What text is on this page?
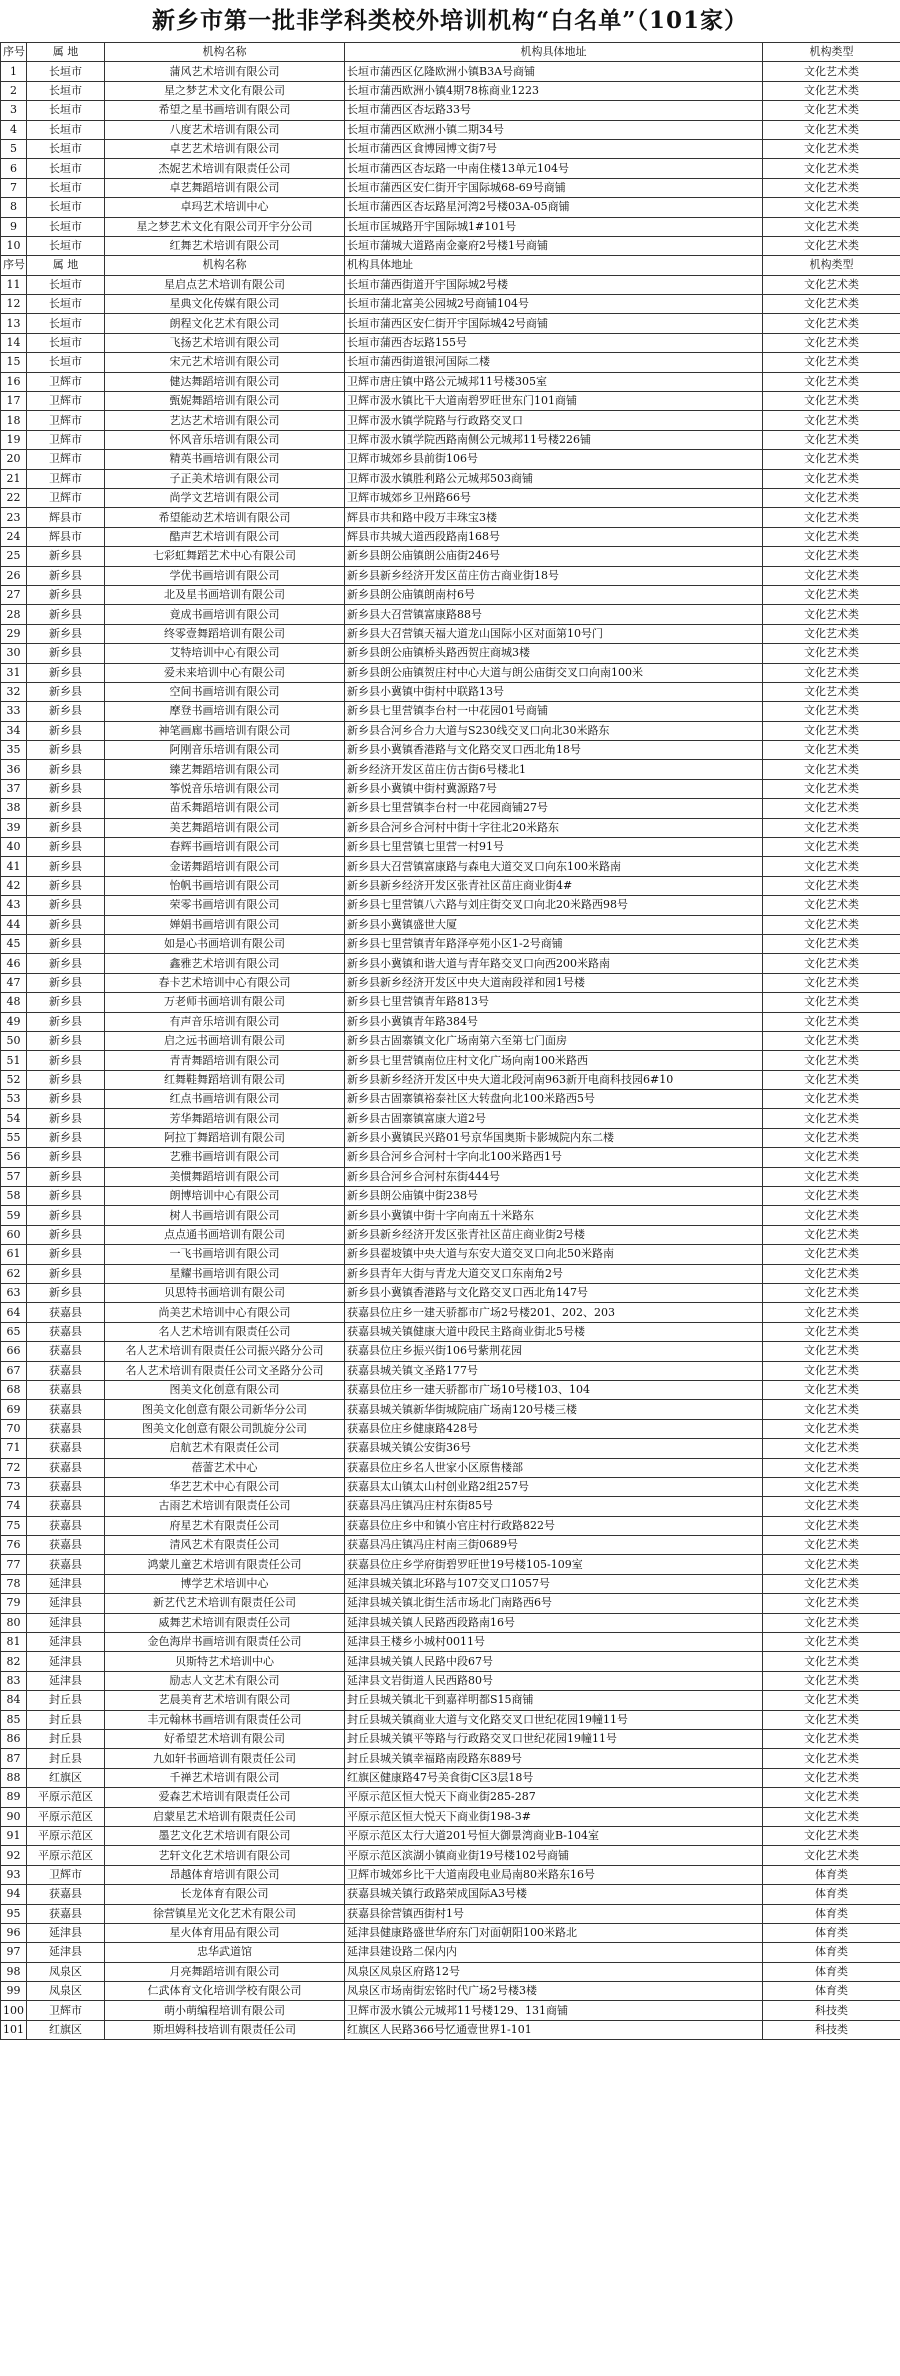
新乡市第一批非学科类校外培训机构“白名单”（101家）
序号	属 地	机构名称	机构具体地址	机构类型
1	长垣市	蒲风艺术培训有限公司	长垣市蒲西区亿隆欧洲小镇B3A号商铺	文化艺术类
2	长垣市	星之梦艺术文化有限公司	长垣市蒲西欧洲小镇4期78栋商业1223	文化艺术类
3	长垣市	希望之星书画培训有限公司	长垣市蒲西区杏坛路33号	文化艺术类
4	长垣市	八度艺术培训有限公司	长垣市蒲西区欧洲小镇二期34号	文化艺术类
5	长垣市	卓艺艺术培训有限公司	长垣市蒲西区食博园博文街7号	文化艺术类
6	长垣市	杰妮艺术培训有限责任公司	长垣市蒲西区杏坛路一中南住楼13单元104号	文化艺术类
7	长垣市	卓艺舞蹈培训有限公司	长垣市蒲西区安仁街开宇国际城68-69号商铺	文化艺术类
8	长垣市	卓玛艺术培训中心	长垣市蒲西区杏坛路星河湾2号楼03A-05商铺	文化艺术类
9	长垣市	星之梦艺术文化有限公司开宇分公司	长垣市匡城路开宇国际城1#101号	文化艺术类
10	长垣市	红舞艺术培训有限公司	长垣市蒲城大道路南金豪府2号楼1号商铺	文化艺术类
序号	属 地	机构名称	机构具体地址	机构类型
11	长垣市	星启点艺术培训有限公司	长垣市蒲西街道开宇国际城2号楼	文化艺术类
12	长垣市	星典文化传媒有限公司	长垣市蒲北富美公园城2号商铺104号	文化艺术类
13	长垣市	朗程文化艺术有限公司	长垣市蒲西区安仁街开宇国际城42号商铺	文化艺术类
14	长垣市	飞扬艺术培训有限公司	长垣市蒲西杏坛路155号	文化艺术类
15	长垣市	宋元艺术培训有限公司	长垣市蒲西街道银河国际二楼	文化艺术类
16	卫辉市	健达舞蹈培训有限公司	卫辉市唐庄镇中路公元城邦11号楼305室	文化艺术类
17	卫辉市	甄妮舞蹈培训有限公司	卫辉市汲水镇比干大道南碧罗旺世东门101商铺	文化艺术类
18	卫辉市	艺达艺术培训有限公司	卫辉市汲水镇学院路与行政路交叉口	文化艺术类
19	卫辉市	怀风音乐培训有限公司	卫辉市汲水镇学院西路南侧公元城邦11号楼226铺	文化艺术类
20	卫辉市	精英书画培训有限公司	卫辉市城郊乡县前街106号	文化艺术类
21	卫辉市	子正美术培训有限公司	卫辉市汲水镇胜利路公元城邦503商铺	文化艺术类
22	卫辉市	尚学文艺培训有限公司	卫辉市城郊乡卫州路66号	文化艺术类
23	辉县市	希望能动艺术培训有限公司	辉县市共和路中段万丰珠宝3楼	文化艺术类
24	辉县市	酷声艺术培训有限公司	辉县市共城大道西段路南168号	文化艺术类
25	新乡县	七彩虹舞蹈艺术中心有限公司	新乡县朗公庙镇朗公庙街246号	文化艺术类
26	新乡县	学优书画培训有限公司	新乡县新乡经济开发区苗庄仿古商业街18号	文化艺术类
27	新乡县	北及星书画培训有限公司	新乡县朗公庙镇朗南村6号	文化艺术类
28	新乡县	竟成书画培训有限公司	新乡县大召营镇富康路88号	文化艺术类
29	新乡县	终零壹舞蹈培训有限公司	新乡县大召营镇天福大道龙山国际小区对面第10号门	文化艺术类
30	新乡县	艾特培训中心有限公司	新乡县朗公庙镇桥头路西贺庄商城3楼	文化艺术类
31	新乡县	爱未来培训中心有限公司	新乡县朗公庙镇贺庄村中心大道与朗公庙街交叉口向南100米	文化艺术类
32	新乡县	空间书画培训有限公司	新乡县小冀镇中街村中联路13号	文化艺术类
33	新乡县	摩登书画培训有限公司	新乡县七里营镇李台村一中花园01号商铺	文化艺术类
34	新乡县	神笔画廊书画培训有限公司	新乡县合河乡合力大道与S230线交叉口向北30米路东	文化艺术类
35	新乡县	阿刚音乐培训有限公司	新乡县小冀镇香港路与文化路交叉口西北角18号	文化艺术类
36	新乡县	臻艺舞蹈培训有限公司	新乡经济开发区苗庄仿古街6号楼北1	文化艺术类
37	新乡县	筝悦音乐培训有限公司	新乡县小冀镇中街村冀源路7号	文化艺术类
38	新乡县	苗禾舞蹈培训有限公司	新乡县七里营镇李台村一中花园商铺27号	文化艺术类
39	新乡县	美艺舞蹈培训有限公司	新乡县合河乡合河村中街十字往北20米路东	文化艺术类
40	新乡县	春辉书画培训有限公司	新乡县七里营镇七里营一村91号	文化艺术类
41	新乡县	金诺舞蹈培训有限公司	新乡县大召营镇富康路与森电大道交叉口向东100米路南	文化艺术类
42	新乡县	怡帆书画培训有限公司	新乡县新乡经济开发区张青社区苗庄商业街4#	文化艺术类
43	新乡县	荣零书画培训有限公司	新乡县七里营镇八六路与刘庄街交叉口向北20米路西98号	文化艺术类
44	新乡县	婵娟书画培训有限公司	新乡县小冀镇盛世大厦	文化艺术类
45	新乡县	如是心书画培训有限公司	新乡县七里营镇青年路泽亭苑小区1-2号商铺	文化艺术类
46	新乡县	鑫雅艺术培训有限公司	新乡县小冀镇和谐大道与青年路交叉口向西200米路南	文化艺术类
47	新乡县	春卡艺术培训中心有限公司	新乡县新乡经济开发区中央大道南段祥和园1号楼	文化艺术类
48	新乡县	万老师书画培训有限公司	新乡县七里营镇青年路813号	文化艺术类
49	新乡县	有声音乐培训有限公司	新乡县小冀镇青年路384号	文化艺术类
50	新乡县	启之远书画培训有限公司	新乡县古固寨镇文化广场南第六至第七门面房	文化艺术类
51	新乡县	青青舞蹈培训有限公司	新乡县七里营镇南位庄村文化广场向南100米路西	文化艺术类
52	新乡县	红舞鞋舞蹈培训有限公司	新乡县新乡经济开发区中央大道北段河南963新开电商科技园6#10	文化艺术类
53	新乡县	红点书画培训有限公司	新乡县古固寨镇裕泰社区大转盘向北100米路西5号	文化艺术类
54	新乡县	芳华舞蹈培训有限公司	新乡县古固寨镇富康大道2号	文化艺术类
55	新乡县	阿拉丁舞蹈培训有限公司	新乡县小冀镇民兴路01号京华国奥斯卡影城院内东二楼	文化艺术类
56	新乡县	艺雅书画培训有限公司	新乡县合河乡合河村十字向北100米路西1号	文化艺术类
57	新乡县	美惯舞蹈培训有限公司	新乡县合河乡合河村东街444号	文化艺术类
58	新乡县	朗博培训中心有限公司	新乡县朗公庙镇中街238号	文化艺术类
59	新乡县	树人书画培训有限公司	新乡县小冀镇中街十字向南五十米路东	文化艺术类
60	新乡县	点点通书画培训有限公司	新乡县新乡经济开发区张青社区苗庄商业街2号楼	文化艺术类
61	新乡县	一飞书画培训有限公司	新乡县翟坡镇中央大道与东安大道交叉口向北50米路南	文化艺术类
62	新乡县	星耀书画培训有限公司	新乡县青年大街与青龙大道交叉口东南角2号	文化艺术类
63	新乡县	贝思特书画培训有限公司	新乡县小冀镇香港路与文化路交叉口西北角147号	文化艺术类
64	获嘉县	尚美艺术培训中心有限公司	获嘉县位庄乡一建天骄都市广场2号楼201、202、203	文化艺术类
65	获嘉县	名人艺术培训有限责任公司	获嘉县城关镇健康大道中段民主路商业街北5号楼	文化艺术类
66	获嘉县	名人艺术培训有限责任公司振兴路分公司	获嘉县位庄乡振兴街106号紫荆花园	文化艺术类
67	获嘉县	名人艺术培训有限责任公司文圣路分公司	获嘉县城关镇文圣路177号	文化艺术类
68	获嘉县	图美文化创意有限公司	获嘉县位庄乡一建天骄都市广场10号楼103、104	文化艺术类
69	获嘉县	图美文化创意有限公司新华分公司	获嘉县城关镇新华街城院庙广场南120号楼三楼	文化艺术类
70	获嘉县	图美文化创意有限公司凯旋分公司	获嘉县位庄乡健康路428号	文化艺术类
71	获嘉县	启航艺术有限责任公司	获嘉县城关镇公安街36号	文化艺术类
72	获嘉县	蓓蕾艺术中心	获嘉县位庄乡名人世家小区原售楼部	文化艺术类
73	获嘉县	华艺艺术中心有限公司	获嘉县太山镇太山村创业路2组257号	文化艺术类
74	获嘉县	古雨艺术培训有限责任公司	获嘉县冯庄镇冯庄村东街85号	文化艺术类
75	获嘉县	府星艺术有限责任公司	获嘉县位庄乡中和镇小官庄村行政路822号	文化艺术类
76	获嘉县	清风艺术有限责任公司	获嘉县冯庄镇冯庄村南三街0689号	文化艺术类
77	获嘉县	鸿蒙儿童艺术培训有限责任公司	获嘉县位庄乡学府街碧罗旺世19号楼105-109室	文化艺术类
78	延津县	博学艺术培训中心	延津县城关镇北环路与107交叉口1057号	文化艺术类
79	延津县	新艺代艺术培训有限责任公司	延津县城关镇北街生活市场北门南路西6号	文化艺术类
80	延津县	威舞艺术培训有限责任公司	延津县城关镇人民路西段路南16号	文化艺术类
81	延津县	金色海岸书画培训有限责任公司	延津县王楼乡小城村0011号	文化艺术类
82	延津县	贝斯特艺术培训中心	延津县城关镇人民路中段67号	文化艺术类
83	延津县	励志人文艺术有限公司	延津县文岩街道人民西路80号	文化艺术类
84	封丘县	艺晨美育艺术培训有限公司	封丘县城关镇北干到嘉祥明都S15商铺	文化艺术类
85	封丘县	丰元翰林书画培训有限责任公司	封丘县城关镇商业大道与文化路交叉口世纪花园19幢11号	文化艺术类
86	封丘县	好希望艺术培训有限公司	封丘县城关镇平等路与行政路交叉口世纪花园19幢11号	文化艺术类
87	封丘县	九如轩书画培训有限责任公司	封丘县城关镇幸福路南段路东889号	文化艺术类
88	红旗区	千禅艺术培训有限公司	红旗区健康路47号美食街C区3层18号	文化艺术类
89	平原示范区	爱森艺术培训有限责任公司	平原示范区恒大悦天下商业街285-287	文化艺术类
90	平原示范区	启蒙星艺术培训有限责任公司	平原示范区恒大悦天下商业街198-3#	文化艺术类
91	平原示范区	墨艺文化艺术培训有限公司	平原示范区太行大道201号恒大御景湾商业B-104室	文化艺术类
92	平原示范区	艺轩文化艺术培训有限公司	平原示范区滨湖小镇商业街19号楼102号商铺	文化艺术类
93	卫辉市	昂越体育培训有限公司	卫辉市城郊乡比干大道南段电业局南80米路东16号	体育类
94	获嘉县	长龙体育有限公司	获嘉县城关镇行政路荣成国际A3号楼	体育类
95	获嘉县	徐营镇星光文化艺术有限公司	获嘉县徐营镇西街村1号	体育类
96	延津县	星火体育用品有限公司	延津县健康路盛世华府东门对面朝阳100米路北	体育类
97	延津县	忠华武道馆	延津县建设路二保内内	体育类
98	凤泉区	月亮舞蹈培训有限公司	凤泉区凤泉区府路12号	体育类
99	凤泉区	仁武体育文化培训学校有限公司	凤泉区市场南街宏铭时代广场2号楼3楼	体育类
100	卫辉市	萌小萌编程培训有限公司	卫辉市汲水镇公元城邦11号楼129、131商铺	科技类
101	红旗区	斯坦姆科技培训有限责任公司	红旗区人民路366号忆通壹世界1-101	科技类
